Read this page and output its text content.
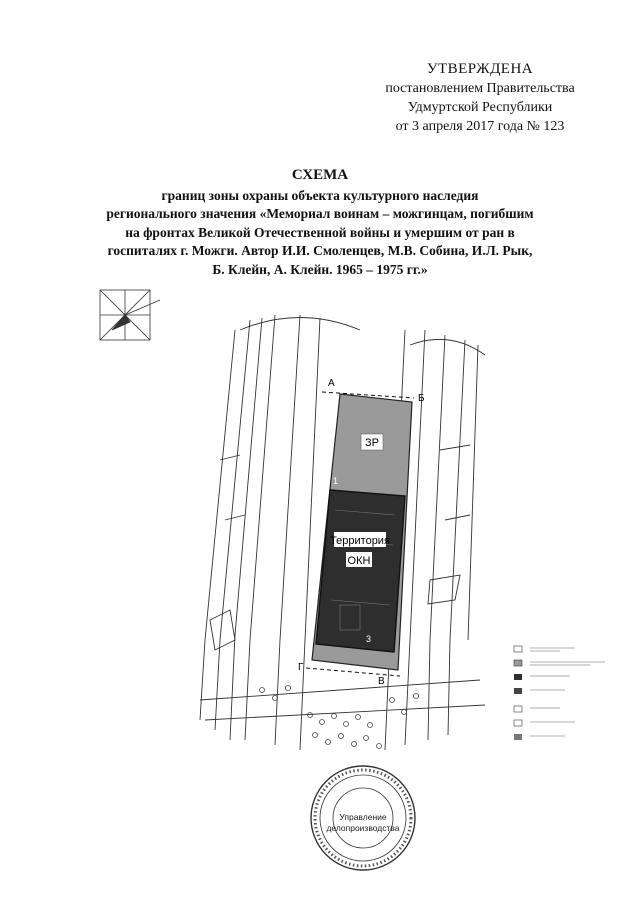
УТВЕРЖДЕНА
постановлением Правительства
Удмуртской Республики
от 3 апреля 2017 года № 123
СХЕМА
границ зоны охраны объекта культурного наследия
регионального значения «Мемориал воинам – можгинцам, погибшим
на фронтах Великой Отечественной войны и умершим от ран в
госпиталях г. Можги. Автор И.И. Смоленцев, М.В. Собина, И.Л. Рык,
Б. Клейн, А. Клейн. 1965 – 1975 гг.»
ЗР
Территория
ОКН
А
Б
В
Г
1
3
Управление
делопроизводства
